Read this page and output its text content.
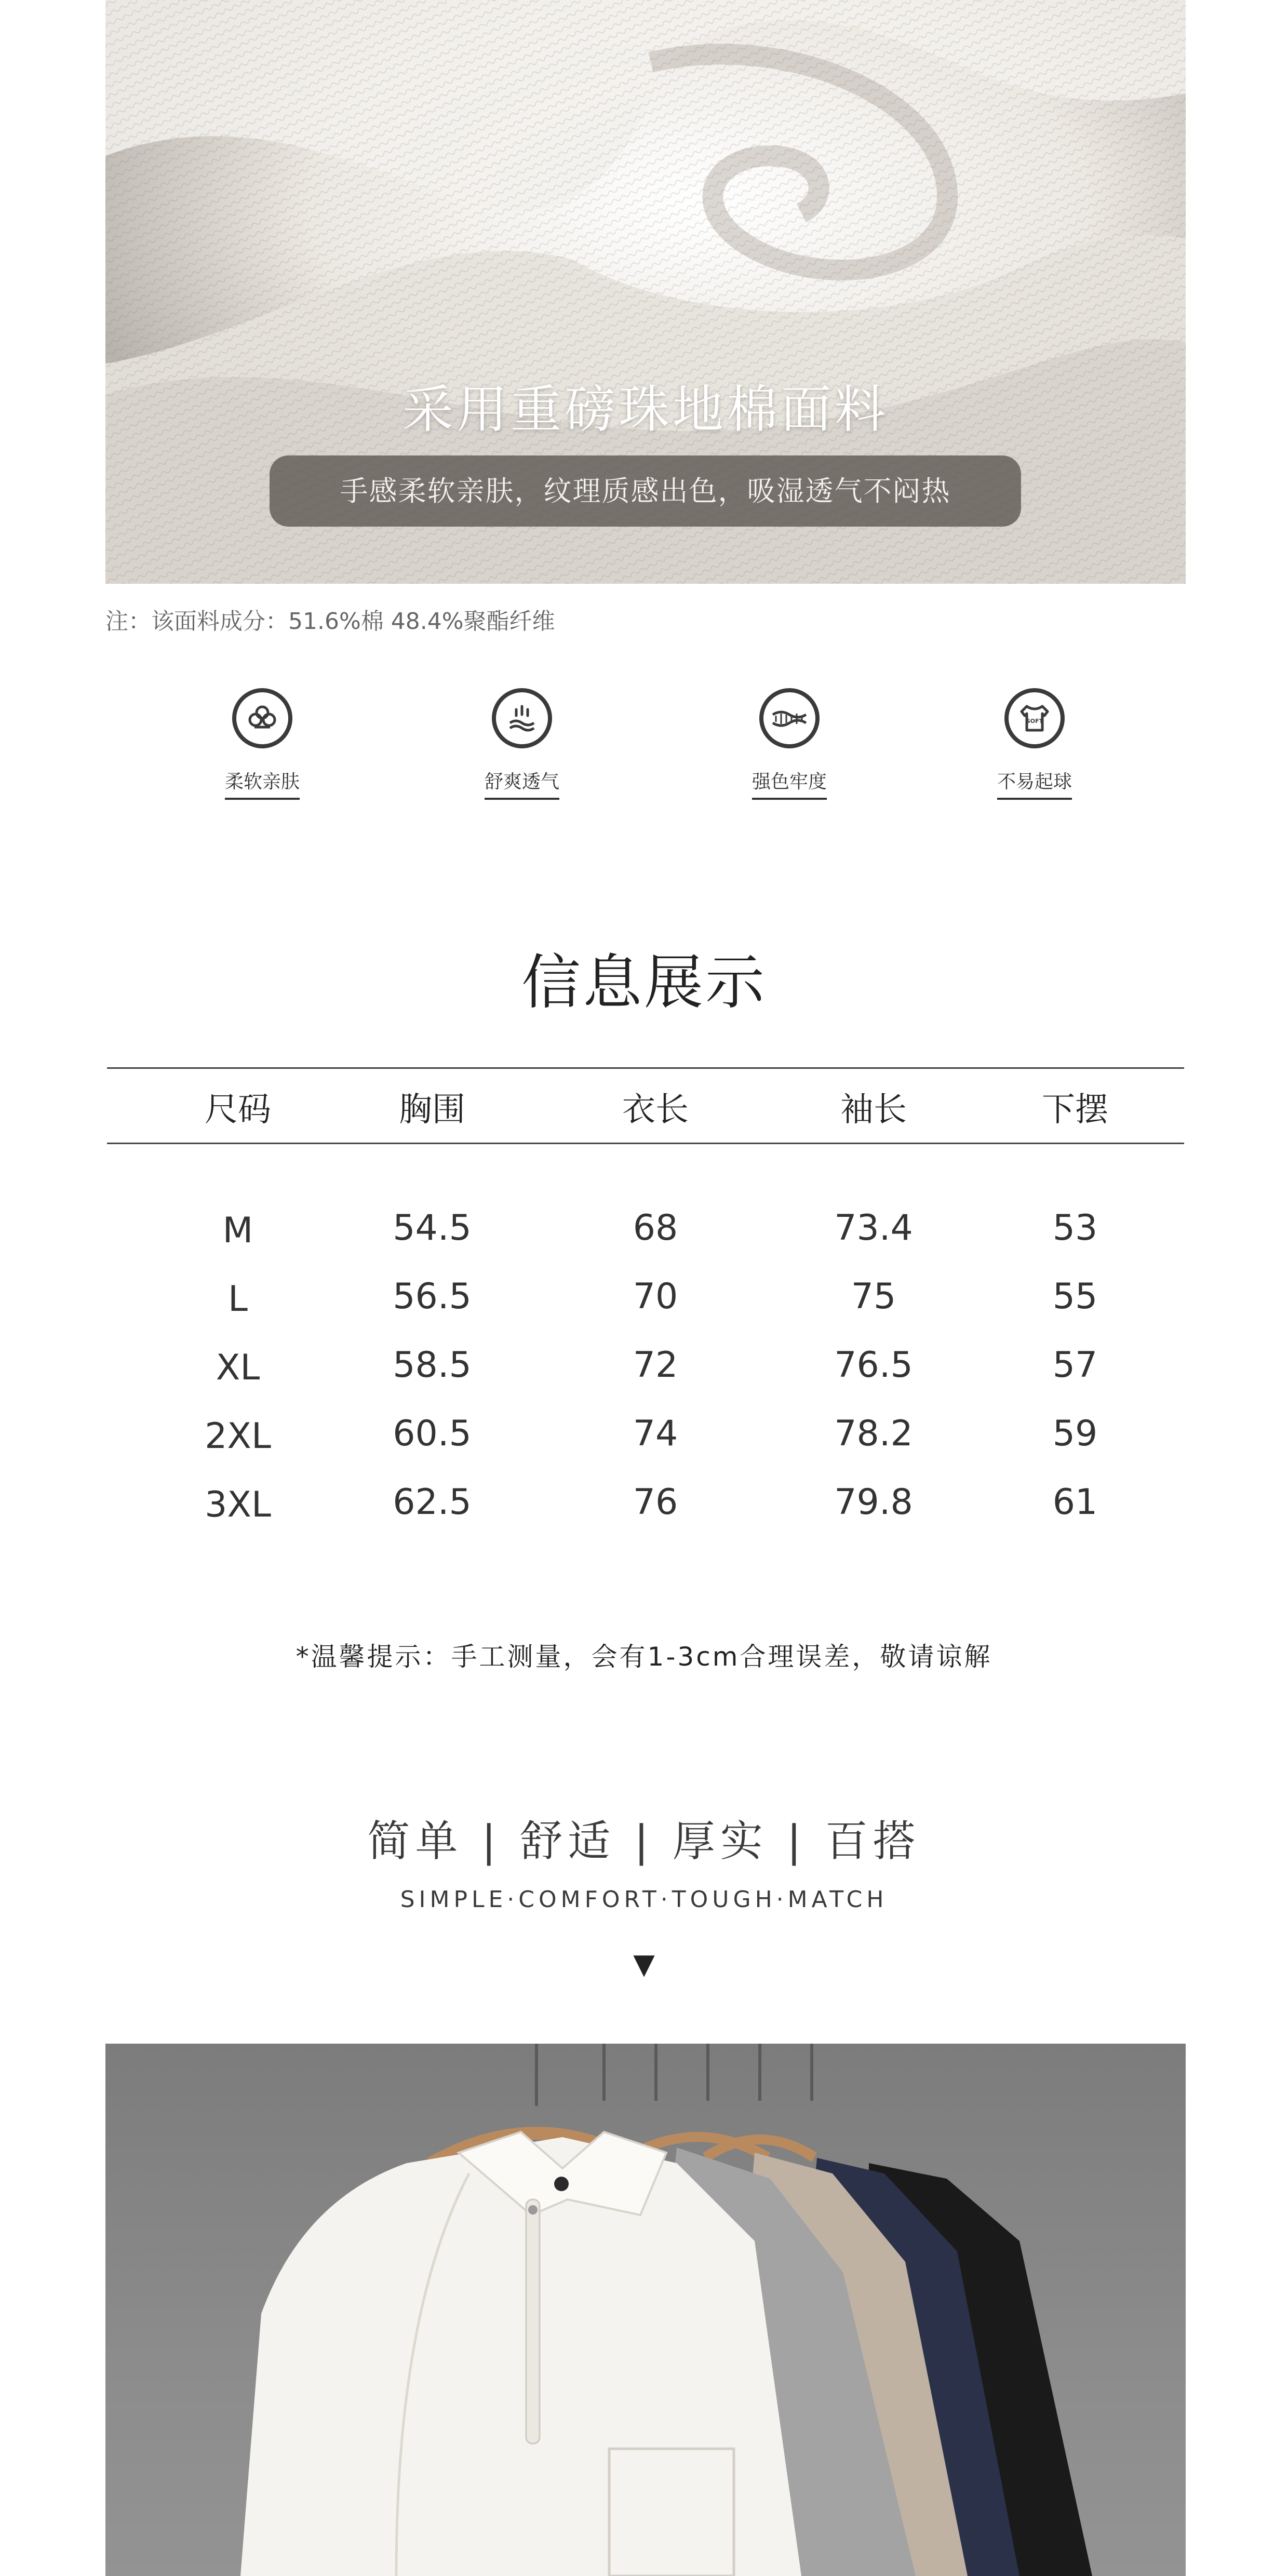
采用重磅珠地棉面料
手感柔软亲肤，纹理质感出色，吸湿透气不闷热
注：该面料成分：51.6%棉 48.4%聚酯纤维
柔软亲肤	舒爽透气	强色牢度
SOFT
不易起球
信息展示
尺码	胸围	衣长	袖长	下摆
M	54.5	68	73.4	53
L	56.5	70	75	55
XL	58.5	72	76.5	57
2XL	60.5	74	78.2	59
3XL	62.5	76	79.8	61
*温馨提示：手工测量，会有1-3cm合理误差，敬请谅解
简单 | 舒适 | 厚实 | 百搭
SIMPLE·COMFORT·TOUGH·MATCH
▼
